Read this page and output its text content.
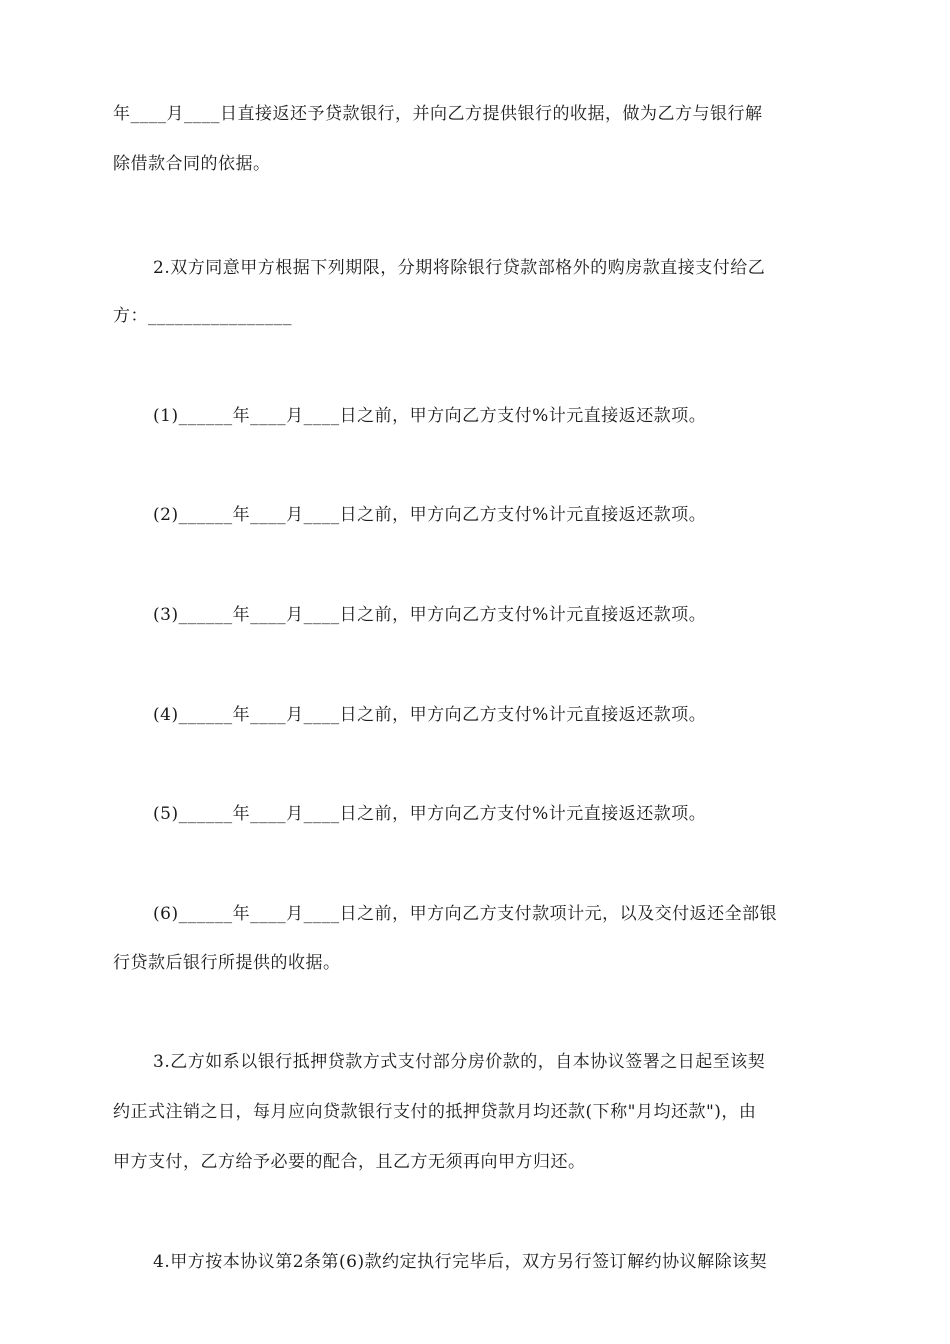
年____月____日直接返还予贷款银行，并向乙方提供银行的收据，做为乙方与银行解
除借款合同的依据。
2.双方同意甲方根据下列期限，分期将除银行贷款部格外的购房款直接支付给乙
方：________________
(1)______年____月____日之前，甲方向乙方支付%计元直接返还款项。
(2)______年____月____日之前，甲方向乙方支付%计元直接返还款项。
(3)______年____月____日之前，甲方向乙方支付%计元直接返还款项。
(4)______年____月____日之前，甲方向乙方支付%计元直接返还款项。
(5)______年____月____日之前，甲方向乙方支付%计元直接返还款项。
(6)______年____月____日之前，甲方向乙方支付款项计元，以及交付返还全部银
行贷款后银行所提供的收据。
3.乙方如系以银行抵押贷款方式支付部分房价款的，自本协议签署之日起至该契
约正式注销之日，每月应向贷款银行支付的抵押贷款月均还款(下称"月均还款")，由
甲方支付，乙方给予必要的配合，且乙方无须再向甲方归还。
4.甲方按本协议第2条第(6)款约定执行完毕后，双方另行签订解约协议解除该契
